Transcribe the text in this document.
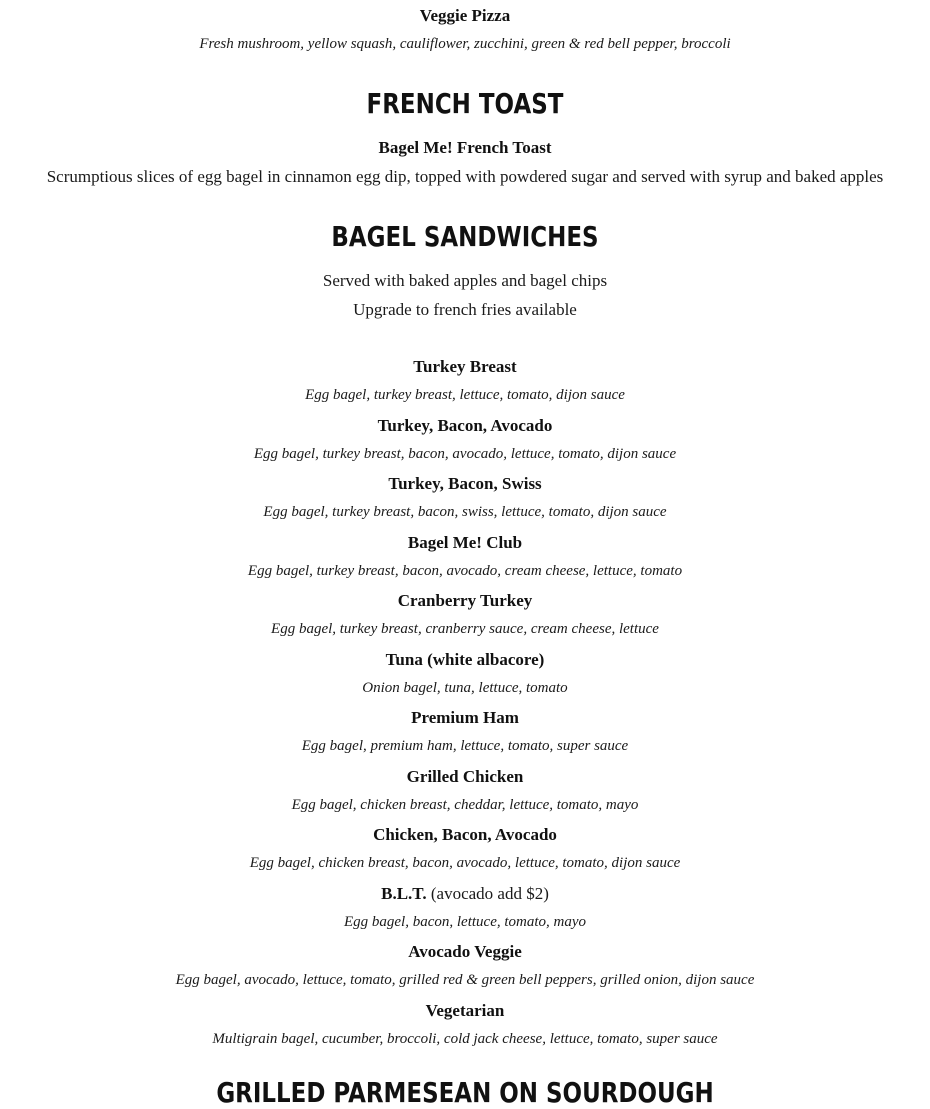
Veggie Pizza
Fresh mushroom, yellow squash, cauliflower, zucchini, green & red bell pepper, broccoli
FRENCH TOAST
Bagel Me! French Toast
Scrumptious slices of egg bagel in cinnamon egg dip, topped with powdered sugar and served with syrup and baked apples
BAGEL SANDWICHES
Served with baked apples and bagel chips
Upgrade to french fries available
Turkey Breast
Egg bagel, turkey breast, lettuce, tomato, dijon sauce
Turkey, Bacon, Avocado
Egg bagel, turkey breast, bacon, avocado, lettuce, tomato, dijon sauce
Turkey, Bacon, Swiss
Egg bagel, turkey breast, bacon, swiss, lettuce, tomato, dijon sauce
Bagel Me! Club
Egg bagel, turkey breast, bacon, avocado, cream cheese, lettuce, tomato
Cranberry Turkey
Egg bagel, turkey breast, cranberry sauce, cream cheese, lettuce
Tuna (white albacore)
Onion bagel, tuna, lettuce, tomato
Premium Ham
Egg bagel, premium ham, lettuce, tomato, super sauce
Grilled Chicken
Egg bagel, chicken breast, cheddar, lettuce, tomato, mayo
Chicken, Bacon, Avocado
Egg bagel, chicken breast, bacon, avocado, lettuce, tomato, dijon sauce
B.L.T. (avocado add $2)
Egg bagel, bacon, lettuce, tomato, mayo
Avocado Veggie
Egg bagel, avocado, lettuce, tomato, grilled red & green bell peppers, grilled onion, dijon sauce
Vegetarian
Multigrain bagel, cucumber, broccoli, cold jack cheese, lettuce, tomato, super sauce
GRILLED PARMESEAN ON SOURDOUGH
